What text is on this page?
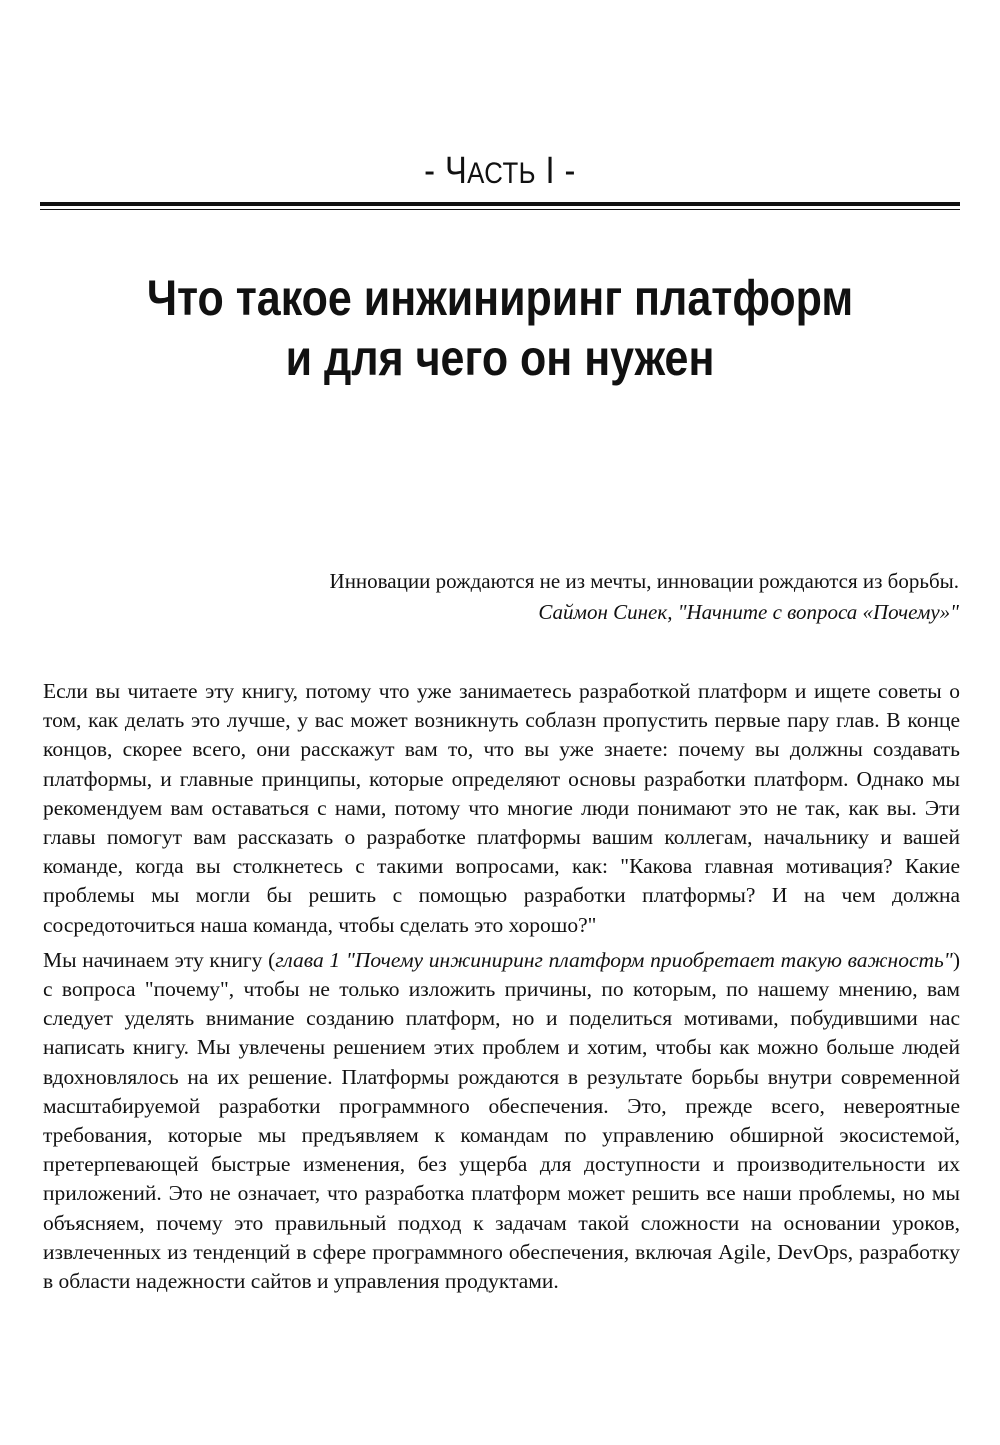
- ЧАСТЬ I -
Что такое инжиниринг платформ
и для чего он нужен
Инновации рождаются не из мечты, инновации рождаются из борьбы.
Саймон Синек, "Начните с вопроса «Почему»"

Если вы читаете эту книгу, потому что уже занимаетесь разработкой платформ и ищете советы о том, как делать это лучше, у вас может возникнуть соблазн пропустить первые пару глав. В конце концов, скорее всего, они расскажут вам то, что вы уже знаете: почему вы должны создавать платформы, и главные принципы, которые определяют основы разработки платформ. Однако мы рекомендуем вам оставаться с нами, потому что многие люди понимают это не так, как вы. Эти главы помогут вам рассказать о разработке платформы вашим коллегам, начальнику и вашей команде, когда вы столкнетесь с такими вопросами, как: "Какова главная мотивация? Какие проблемы мы могли бы решить с помощью разработки платформы? И на чем должна сосредоточиться наша команда, чтобы сделать это хорошо?"

Мы начинаем эту книгу (глава 1 "Почему инжиниринг платформ приобретает такую важность") с вопроса "почему", чтобы не только изложить причины, по которым, по нашему мнению, вам следует уделять внимание созданию платформ, но и поделиться мотивами, побудившими нас написать книгу. Мы увлечены решением этих проблем и хотим, чтобы как можно больше людей вдохновлялось на их решение. Платформы рождаются в результате борьбы внутри современной масштабируемой разработки программного обеспечения. Это, прежде всего, невероятные требования, которые мы предъявляем к командам по управлению обширной экосистемой, претерпевающей быстрые изменения, без ущерба для доступности и производительности их приложений. Это не означает, что разработка платформ может решить все наши проблемы, но мы объясняем, почему это правильный подход к задачам такой сложности на основании уроков, извлеченных из тенденций в сфере программного обеспечения, включая Agile, DevOps, разработку в области надежности сайтов и управления продуктами.
